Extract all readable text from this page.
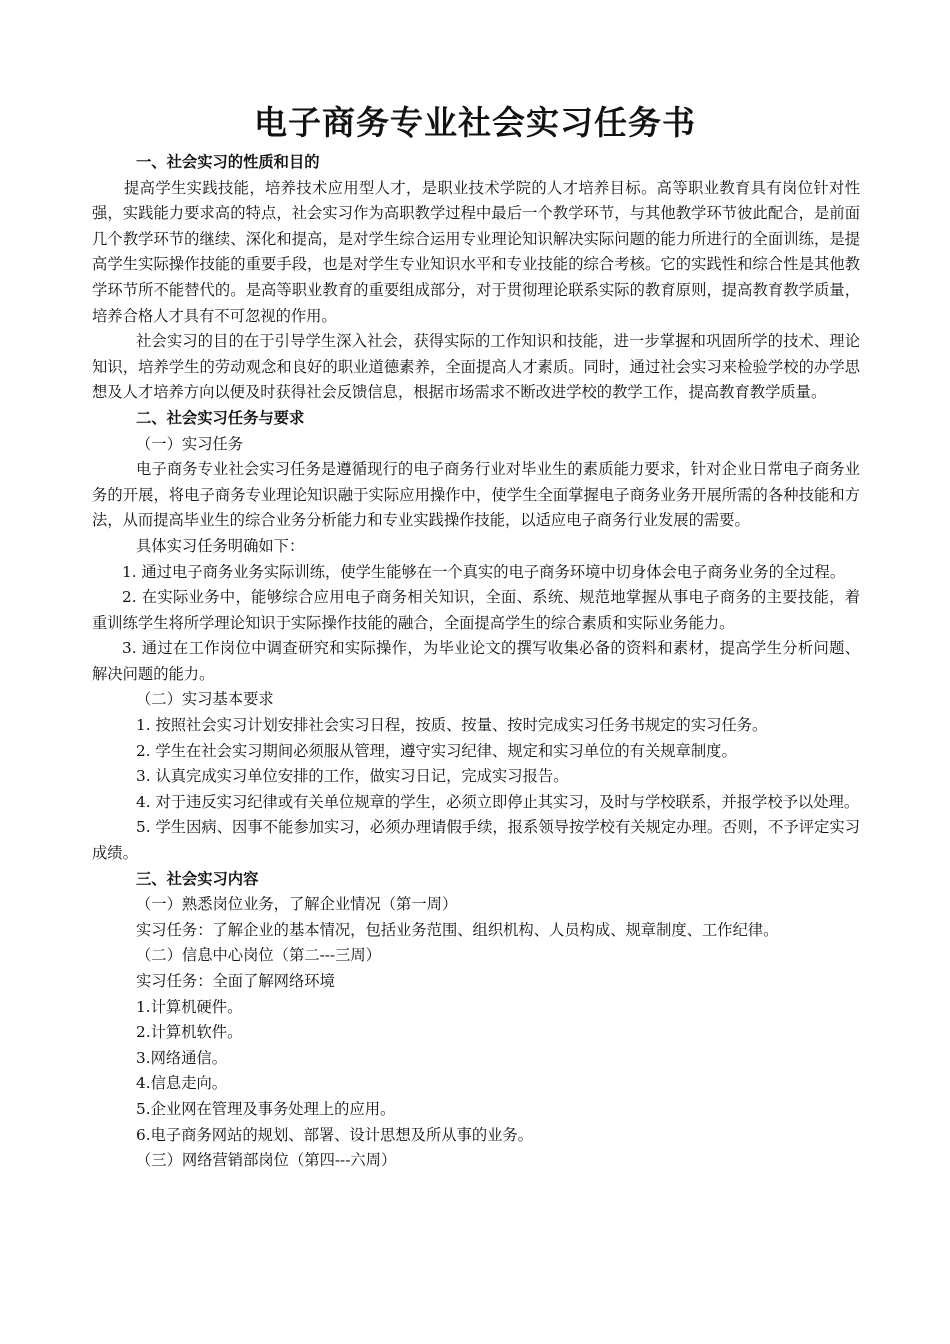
电子商务专业社会实习任务书

一、社会实习的性质和目的

提高学生实践技能，培养技术应用型人才，是职业技术学院的人才培养目标。高等职业教育具有岗位针对性强，实践能力要求高的特点，社会实习作为高职教学过程中最后一个教学环节，与其他教学环节彼此配合，是前面几个教学环节的继续、深化和提高，是对学生综合运用专业理论知识解决实际问题的能力所进行的全面训练，是提高学生实际操作技能的重要手段，也是对学生专业知识水平和专业技能的综合考核。它的实践性和综合性是其他教学环节所不能替代的。是高等职业教育的重要组成部分，对于贯彻理论联系实际的教育原则，提高教育教学质量，培养合格人才具有不可忽视的作用。

社会实习的目的在于引导学生深入社会，获得实际的工作知识和技能，进一步掌握和巩固所学的技术、理论知识，培养学生的劳动观念和良好的职业道德素养，全面提高人才素质。同时，通过社会实习来检验学校的办学思想及人才培养方向以便及时获得社会反馈信息，根据市场需求不断改进学校的教学工作，提高教育教学质量。

二、社会实习任务与要求

（一）实习任务

电子商务专业社会实习任务是遵循现行的电子商务行业对毕业生的素质能力要求，针对企业日常电子商务业务的开展，将电子商务专业理论知识融于实际应用操作中，使学生全面掌握电子商务业务开展所需的各种技能和方法，从而提高毕业生的综合业务分析能力和专业实践操作技能，以适应电子商务行业发展的需要。

具体实习任务明确如下：

1. 通过电子商务业务实际训练，使学生能够在一个真实的电子商务环境中切身体会电子商务业务的全过程。

2. 在实际业务中，能够综合应用电子商务相关知识，全面、系统、规范地掌握从事电子商务的主要技能，着重训练学生将所学理论知识于实际操作技能的融合，全面提高学生的综合素质和实际业务能力。

3. 通过在工作岗位中调查研究和实际操作，为毕业论文的撰写收集必备的资料和素材，提高学生分析问题、解决问题的能力。

（二）实习基本要求

1. 按照社会实习计划安排社会实习日程，按质、按量、按时完成实习任务书规定的实习任务。

2. 学生在社会实习期间必须服从管理，遵守实习纪律、规定和实习单位的有关规章制度。

3. 认真完成实习单位安排的工作，做实习日记，完成实习报告。

4. 对于违反实习纪律或有关单位规章的学生，必须立即停止其实习，及时与学校联系，并报学校予以处理。

5. 学生因病、因事不能参加实习，必须办理请假手续，报系领导按学校有关规定办理。否则，不予评定实习成绩。

三、社会实习内容

（一）熟悉岗位业务，了解企业情况（第一周）

实习任务：了解企业的基本情况，包括业务范围、组织机构、人员构成、规章制度、工作纪律。

（二）信息中心岗位（第二---三周）

实习任务：全面了解网络环境

1.计算机硬件。

2.计算机软件。

3.网络通信。

4.信息走向。

5.企业网在管理及事务处理上的应用。

6.电子商务网站的规划、部署、设计思想及所从事的业务。

（三）网络营销部岗位（第四---六周）
